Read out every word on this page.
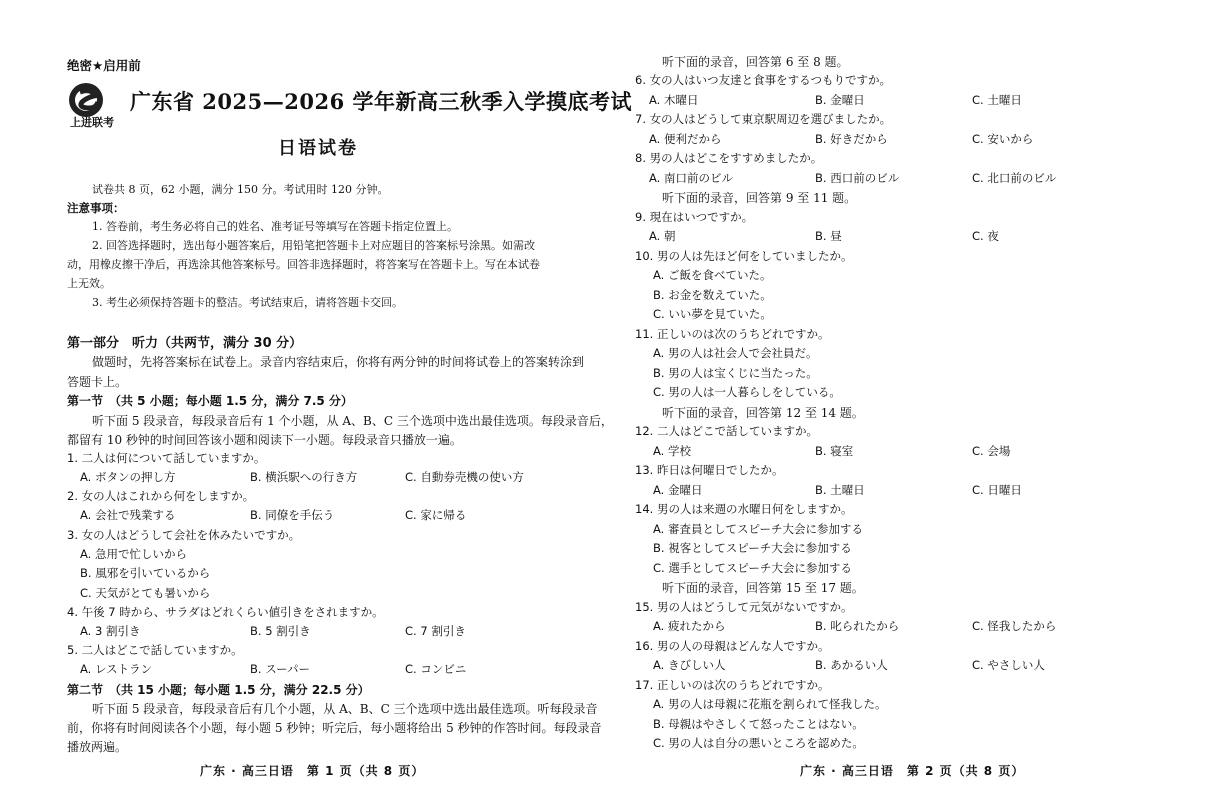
绝密★启用前
上进联考
广东省 2025—2026 学年新高三秋季入学摸底考试
日语试卷
试卷共 8 页，62 小题，满分 150 分。考试用时 120 分钟。
注意事项：
1. 答卷前，考生务必将自己的姓名、准考证号等填写在答题卡指定位置上。
2. 回答选择题时，选出每小题答案后，用铅笔把答题卡上对应题目的答案标号涂黑。如需改
动，用橡皮擦干净后，再选涂其他答案标号。回答非选择题时，将答案写在答题卡上。写在本试卷
上无效。
3. 考生必须保持答题卡的整洁。考试结束后，请将答题卡交回。
第一部分　听力（共两节，满分 30 分）
做题时，先将答案标在试卷上。录音内容结束后，你将有两分钟的时间将试卷上的答案转涂到
答题卡上。
第一节　（共 5 小题；每小题 1.5 分，满分 7.5 分）
听下面 5 段录音，每段录音后有 1 个小题，从 A、B、C 三个选项中选出最佳选项。每段录音后，
都留有 10 秒钟的时间回答该小题和阅读下一小题。每段录音只播放一遍。
1. 二人は何について話していますか。
A. ボタンの押し方	B. 横浜駅への行き方	C. 自動券売機の使い方
2. 女の人はこれから何をしますか。
A. 会社で残業する	B. 同僚を手伝う	C. 家に帰る
3. 女の人はどうして会社を休みたいですか。
A. 急用で忙しいから
B. 風邪を引いているから
C. 天気がとても暑いから
4. 午後 7 時から、サラダはどれくらい値引きをされますか。
A. 3 割引き	B. 5 割引き	C. 7 割引き
5. 二人はどこで話していますか。
A. レストラン	B. スーパー	C. コンビニ
第二节　（共 15 小题；每小题 1.5 分，满分 22.5 分）
听下面 5 段录音，每段录音后有几个小题，从 A、B、C 三个选项中选出最佳选项。听每段录音
前，你将有时间阅读各个小题，每小题 5 秒钟；听完后，每小题将给出 5 秒钟的作答时间。每段录音
播放两遍。
广东 · 高三日语　第 1 页（共 8 页）
听下面的录音，回答第 6 至 8 题。
6. 女の人はいつ友達と食事をするつもりですか。
A. 木曜日	B. 金曜日	C. 土曜日
7. 女の人はどうして東京駅周辺を選びましたか。
A. 便利だから	B. 好きだから	C. 安いから
8. 男の人はどこをすすめましたか。
A. 南口前のビル	B. 西口前のビル	C. 北口前のビル
听下面的录音，回答第 9 至 11 题。
9. 現在はいつですか。
A. 朝	B. 昼	C. 夜
10. 男の人は先ほど何をしていましたか。
A. ご飯を食べていた。
B. お金を数えていた。
C. いい夢を見ていた。
11. 正しいのは次のうちどれですか。
A. 男の人は社会人で会社員だ。
B. 男の人は宝くじに当たった。
C. 男の人は一人暮らしをしている。
听下面的录音，回答第 12 至 14 题。
12. 二人はどこで話していますか。
A. 学校	B. 寝室	C. 会場
13. 昨日は何曜日でしたか。
A. 金曜日	B. 土曜日	C. 日曜日
14. 男の人は来週の水曜日何をしますか。
A. 審査員としてスピーチ大会に参加する
B. 視客としてスピーチ大会に参加する
C. 選手としてスピーチ大会に参加する
听下面的录音，回答第 15 至 17 题。
15. 男の人はどうして元気がないですか。
A. 疲れたから	B. 叱られたから	C. 怪我したから
16. 男の人の母親はどんな人ですか。
A. きびしい人	B. あかるい人	C. やさしい人
17. 正しいのは次のうちどれですか。
A. 男の人は母親に花瓶を割られて怪我した。
B. 母親はやさしくて怒ったことはない。
C. 男の人は自分の悪いところを認めた。
广东 · 高三日语　第 2 页（共 8 页）
